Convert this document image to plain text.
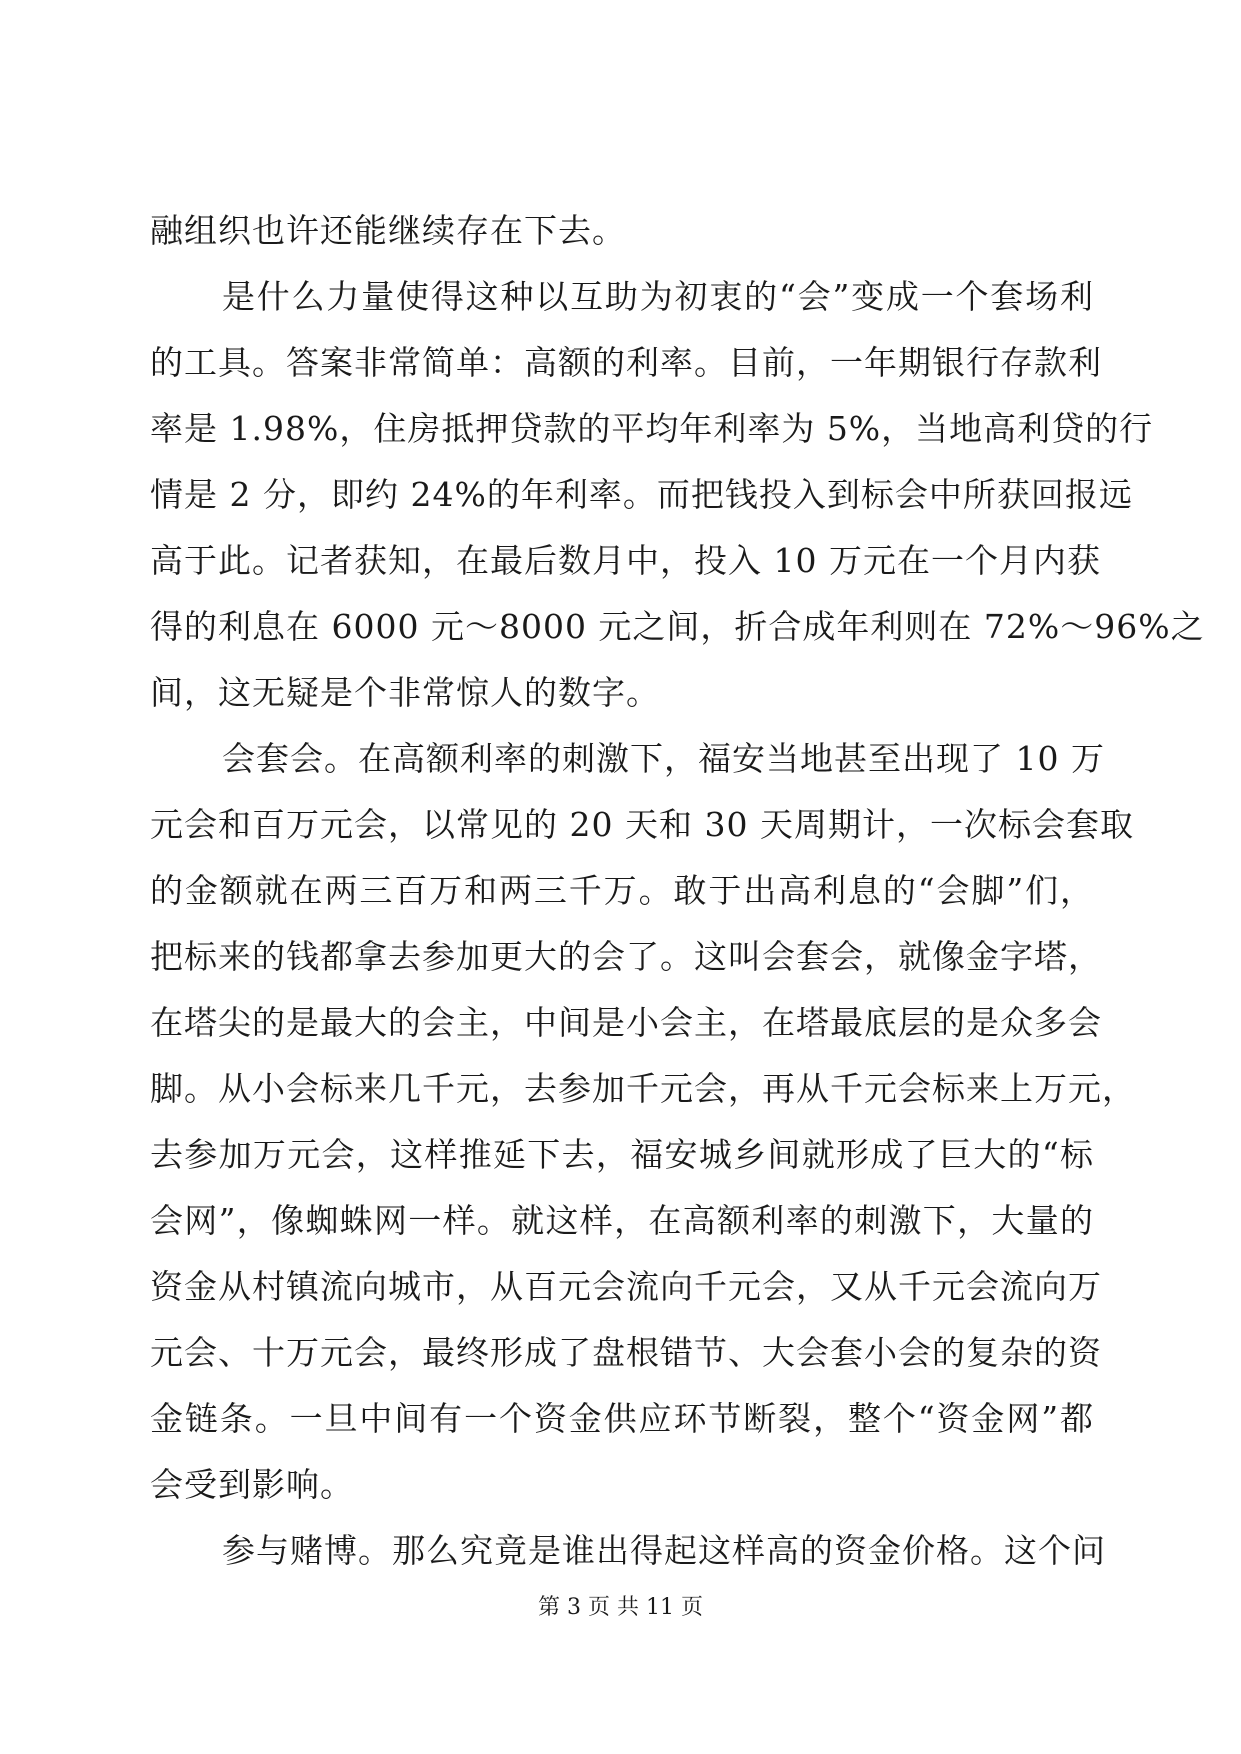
融组织也许还能继续存在下去。
是什么力量使得这种以互助为初衷的“会”变成一个套场利
的工具。答案非常简单：高额的利率。目前，一年期银行存款利
率是 1.98%，住房抵押贷款的平均年利率为 5%，当地高利贷的行
情是 2 分，即约 24%的年利率。而把钱投入到标会中所获回报远
高于此。记者获知，在最后数月中，投入 10 万元在一个月内获
得的利息在 6000 元～8000 元之间，折合成年利则在 72%～96%之
间，这无疑是个非常惊人的数字。
会套会。在高额利率的刺激下，福安当地甚至出现了 10 万
元会和百万元会，以常见的 20 天和 30 天周期计，一次标会套取
的金额就在两三百万和两三千万。敢于出高利息的“会脚”们，
把标来的钱都拿去参加更大的会了。这叫会套会，就像金字塔，
在塔尖的是最大的会主，中间是小会主，在塔最底层的是众多会
脚。从小会标来几千元，去参加千元会，再从千元会标来上万元，
去参加万元会，这样推延下去，福安城乡间就形成了巨大的“标
会网”，像蜘蛛网一样。就这样，在高额利率的刺激下，大量的
资金从村镇流向城市，从百元会流向千元会，又从千元会流向万
元会、十万元会，最终形成了盘根错节、大会套小会的复杂的资
金链条。一旦中间有一个资金供应环节断裂，整个“资金网”都
会受到影响。
参与赌博。那么究竟是谁出得起这样高的资金价格。这个问
第 3 页 共 11 页
